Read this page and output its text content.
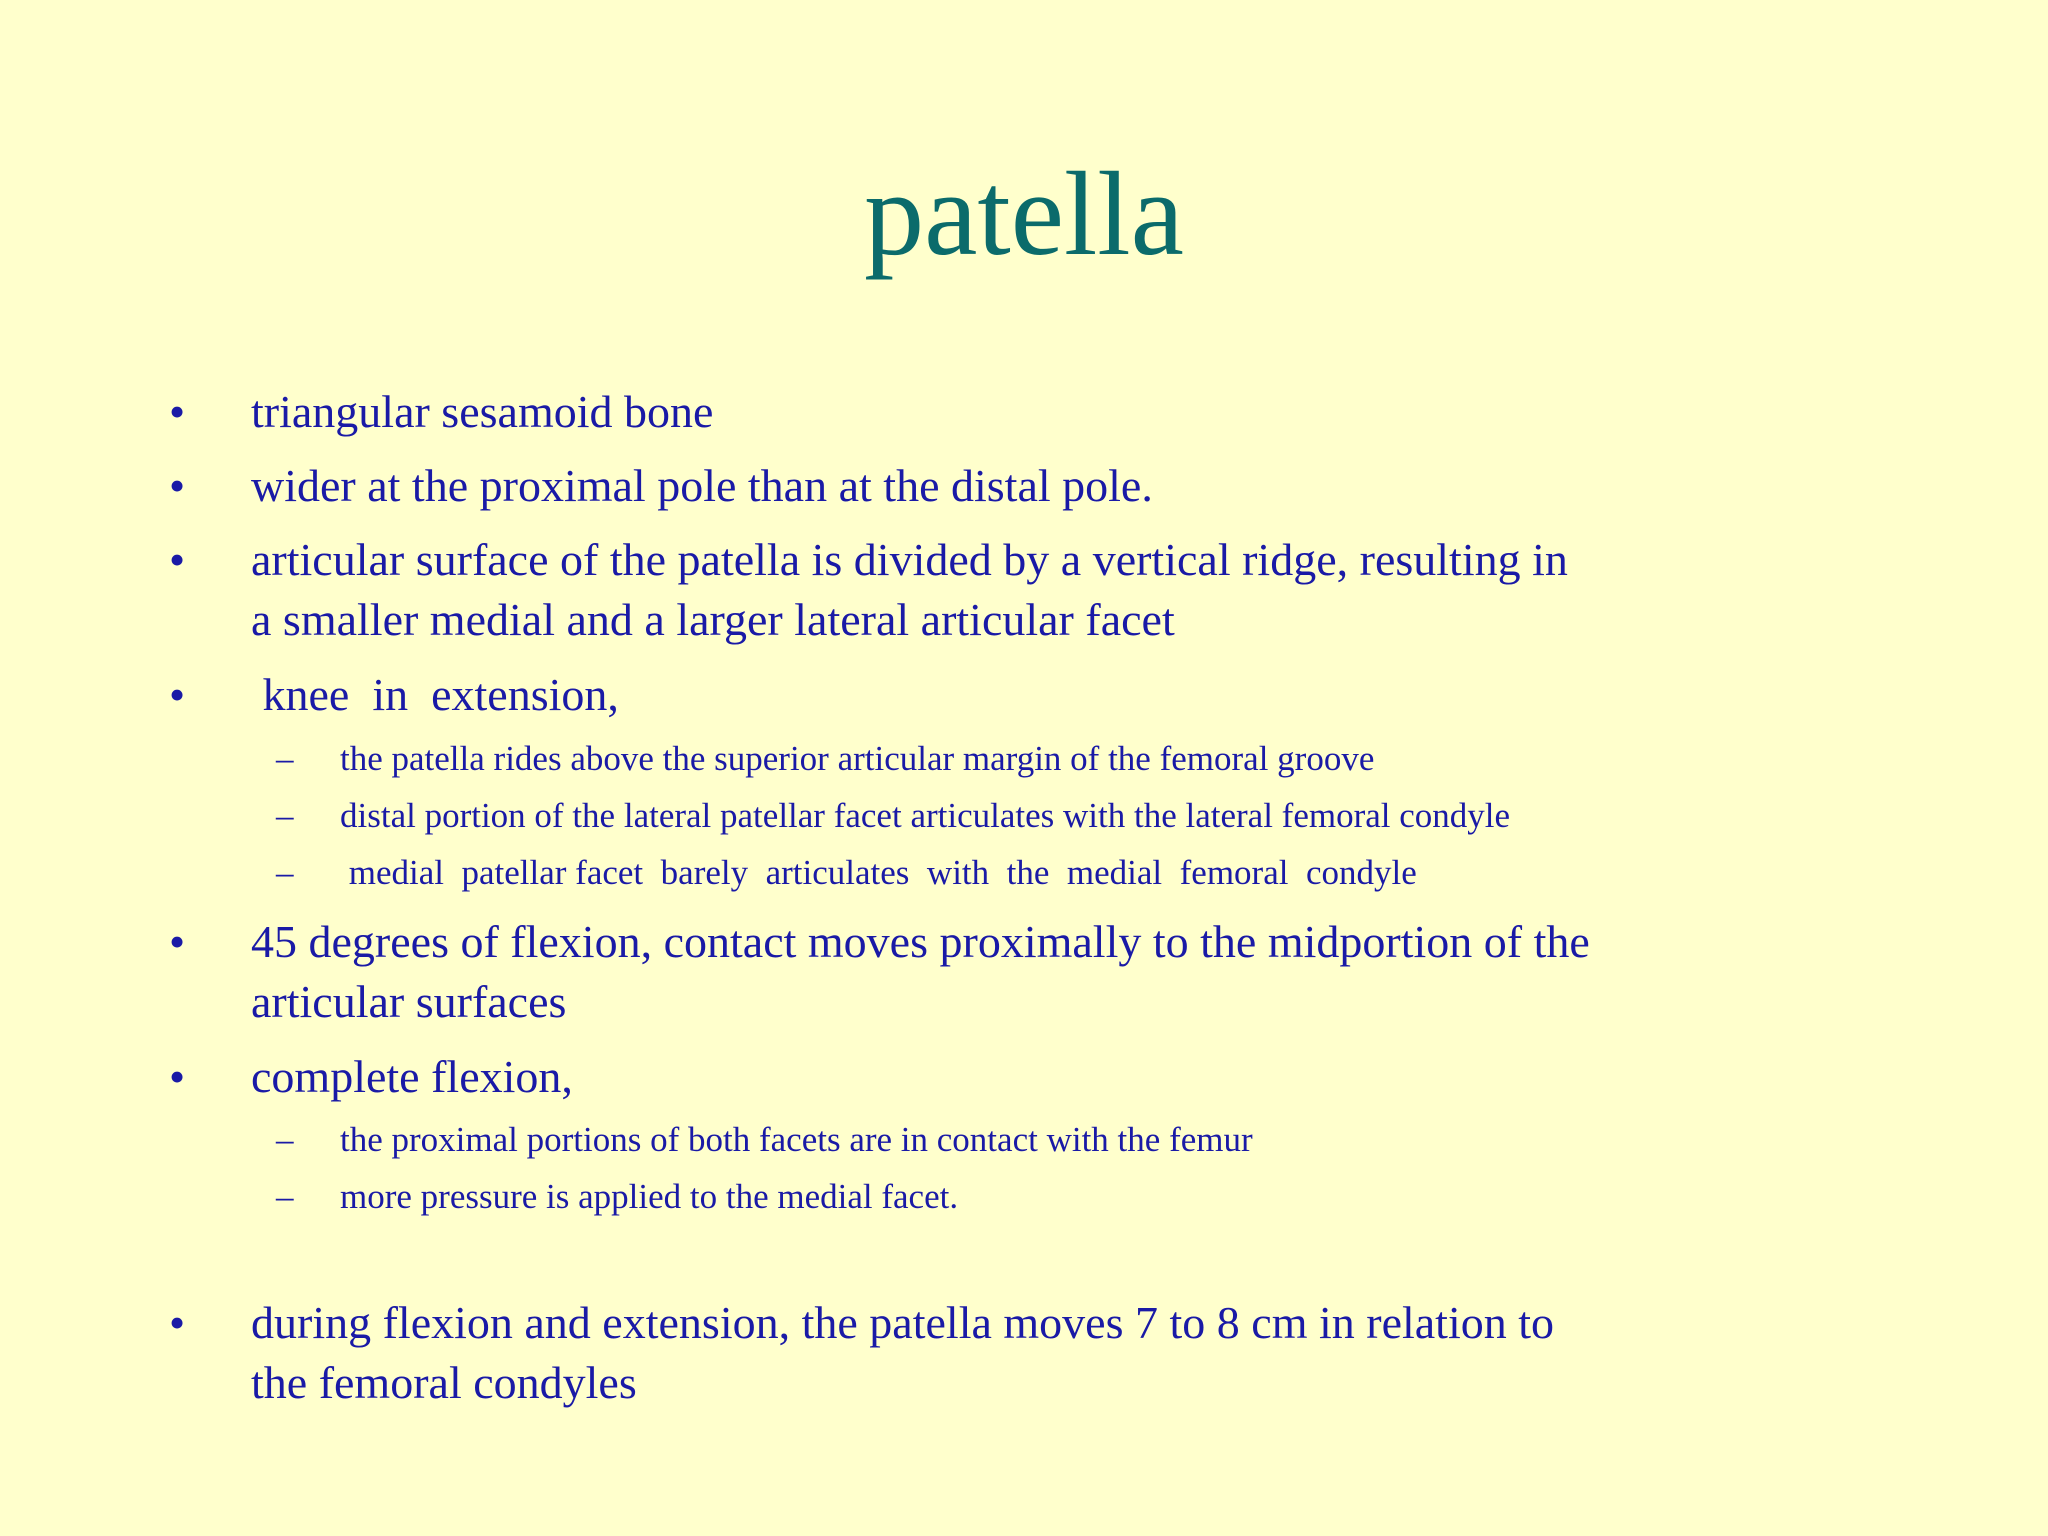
patella
• triangular sesamoid bone
• wider at the proximal pole than at the distal pole.
• articular surface of the patella is divided by a vertical ridge, resulting in
a smaller medial and a larger lateral articular facet
• knee  in  extension,
– the patella rides above the superior articular margin of the femoral groove
– distal portion of the lateral patellar facet articulates with the lateral femoral condyle
– medial  patellar facet  barely  articulates  with  the  medial  femoral  condyle
• 45 degrees of flexion, contact moves proximally to the midportion of the
articular surfaces
• complete flexion,
– the proximal portions of both facets are in contact with the femur
– more pressure is applied to the medial facet.
• during flexion and extension, the patella moves 7 to 8 cm in relation to
the femoral condyles
